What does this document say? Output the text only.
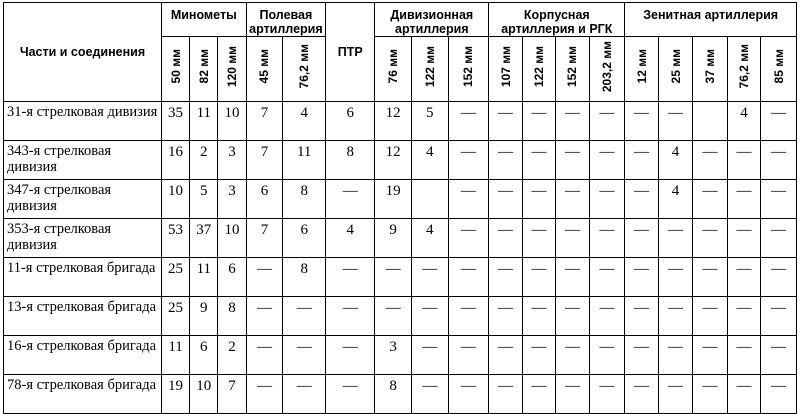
Части и соединения	Минометы			Полевая артиллерия		ПТР	Дивизионная артиллерия			Корпусная артиллерия и РГК				Зенитная артиллерия				
	50 мм	82 мм	120 мм	45 мм	76,2 мм		76 мм	122 мм	152 мм	107 мм	122 мм	152 мм	203,2 мм	12 мм	25 мм	37 мм	76,2 мм	85 мм
31-я стрелковая дивизия	35	11	10	7	4	6	12	5	—	—	—	—	—	—	—		4	—
343-я стрелковая дивизия	16	2	3	7	11	8	12	4	—	—	—	—	—	—	4	—	—	—
347-я стрелковая дивизия	10	5	3	6	8	—	19		—	—	—	—	—	—	4	—	—	—
353-я стрелковая дивизия	53	37	10	7	6	4	9	4	—	—	—	—	—	—	—	—	—	—
11-я стрелковая бригада	25	11	6	—	8	—	—	—	—	—	—	—	—	—	—	—	—	—
13-я стрелковая бригада	25	9	8	—	—	—	—	—	—	—	—	—	—	—	—	—	—	—
16-я стрелковая бригада	11	6	2	—	—	—	3	—	—	—	—	—	—	—	—	—	—	—
78-я стрелковая бригада	19	10	7	—	—	—	8	—	—	—	—	—	—	—	—	—	—	—
